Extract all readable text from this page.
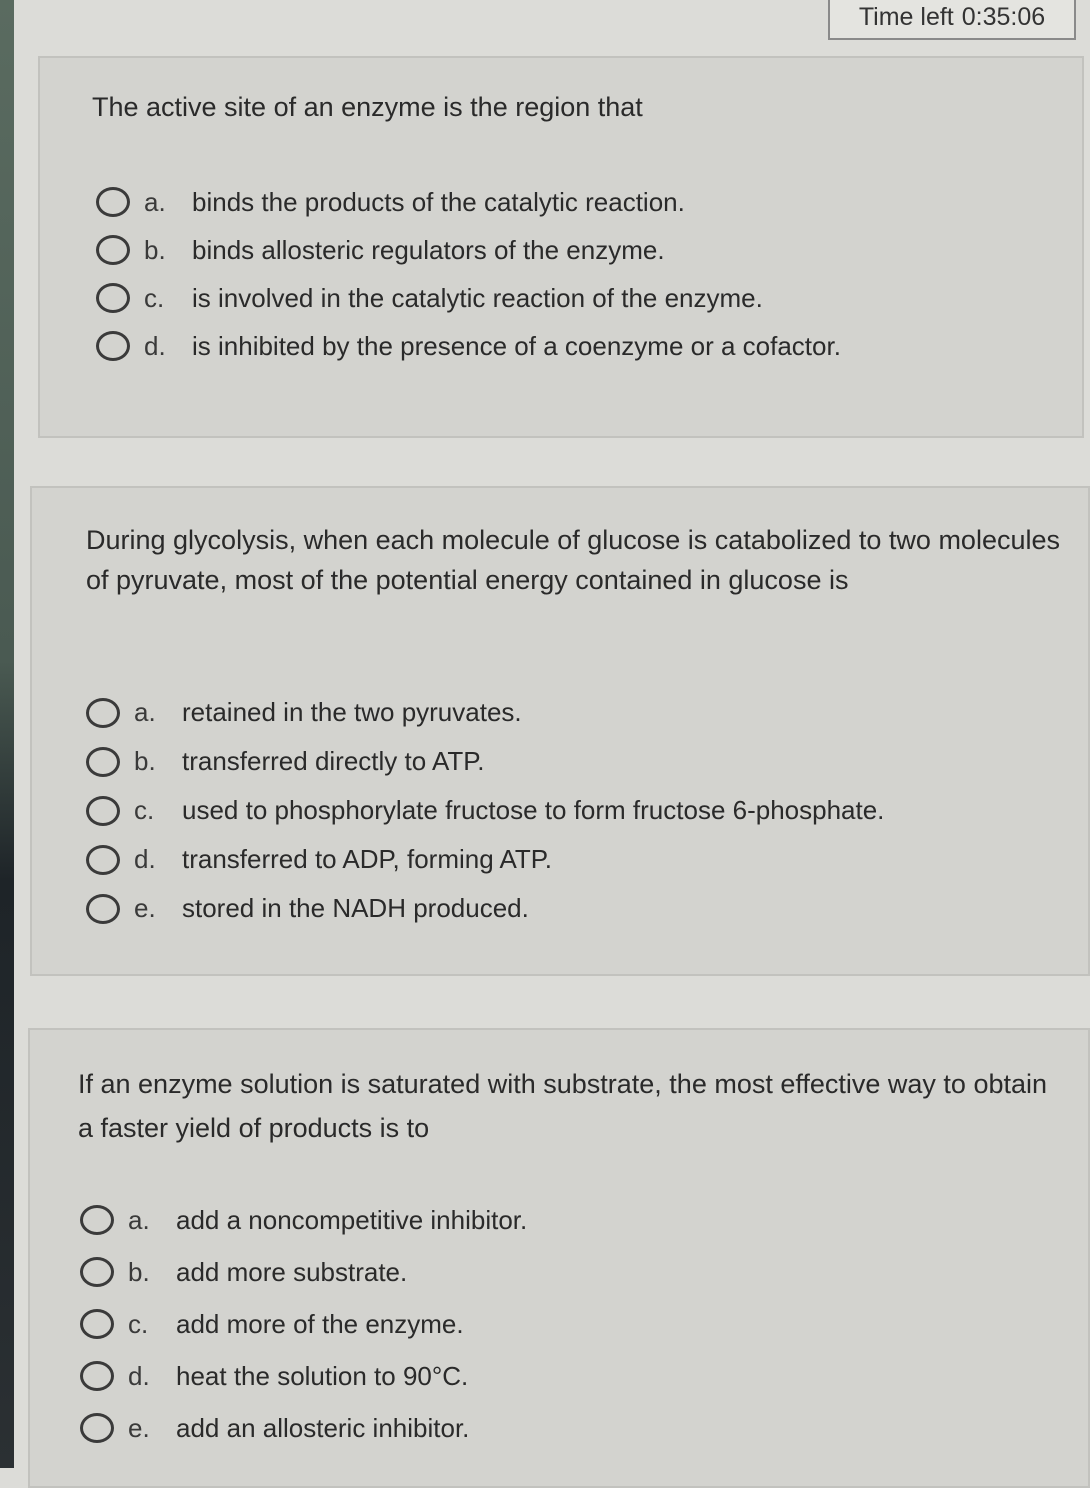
Time left 0:35:06
The active site of an enzyme is the region that
a.	binds the products of the catalytic reaction.
b.	binds allosteric regulators of the enzyme.
c.	is involved in the catalytic reaction of the enzyme.
d.	is inhibited by the presence of a coenzyme or a cofactor.
During glycolysis, when each molecule of glucose is catabolized to two molecules of pyruvate, most of the potential energy contained in glucose is
a.	retained in the two pyruvates.
b.	transferred directly to ATP.
c.	used to phosphorylate fructose to form fructose 6-phosphate.
d.	transferred to ADP, forming ATP.
e.	stored in the NADH produced.
If an enzyme solution is saturated with substrate, the most effective way to obtain a faster yield of products is to
a.	add a noncompetitive inhibitor.
b.	add more substrate.
c.	add more of the enzyme.
d.	heat the solution to 90°C.
e.	add an allosteric inhibitor.
